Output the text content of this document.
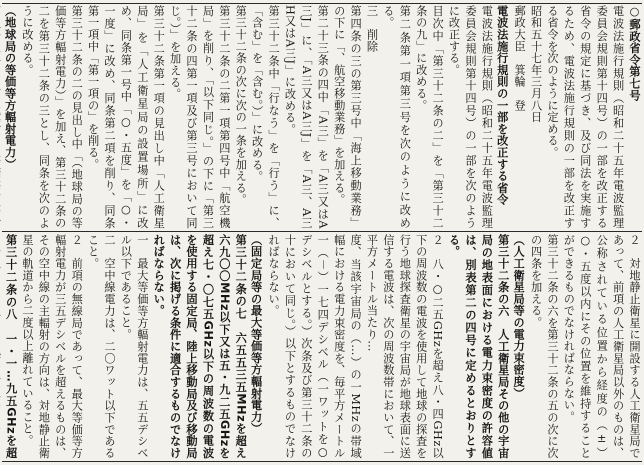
○郵政省令第七号
電波法施行規則（昭和二十五年電波監理委員会規則第十四号）の一部を改正する省令の規定に基づき、及び同法を実施するため、電波法施行規則の一部を改正する省令を次のように定める。
昭和五十七年三月八日
郵政大臣　箕輪　登
電波法施行規則の一部を改正する省令
電波法施行規則（昭和二十五年電波監理委員会規則第十四号）の一部を次のように改正する。
目次中「第三十二条の二」を「第三十二条の九」に改める。
第二条第一項第三号を次のように改める。
三　削除
第四条の三の第三号中「海上移動業務」の下に「、航空移動業務」を加える。
第二十三条の四中「A三」を「A三又はA三J」に、「A三又はA三J」を「A三、A三H又はA三J」に改める。
第三十二条中「行なう」を「行う」に、「含む」を「含む。）」に改める。
第三十二条の次に次の一条を加える。
第三十二条の二第一項第四号中「航空機局」を削り、「以下同じ。」の下に「第三十二条の四第一項及び第三号において同じ。）」を加える。
第三十二条第一項の見出し中「人工衛星局」を「人工衛星局の設置場所」に改め、同条第一号中「○・五度」を「○・一度」に改め、同条第二項を削り、同条第一項中「第一項の」を削る。
第三十二条の二の見出し中「（地球局の等価等方輻射電力）」を加え、第三十二条の二を第三十二条の三とし、同条を次のように改める。
（地球局の等価等方輻射電力）

２　対地静止衛星に開設する人工衛星局であって、前項の人工衛星局以外のものは、公称されている位置から経度の（±）○・五度以内にその位置を維持することができるものでなければならない。
第三十二条の六を第三十二条の五の次に次の四条を加える。
（人工衛星局等の電力束密度）
第三十二条の六　人工衛星局その他の宇宙局の地表面における電力束密度の許容値は、別表第二の四号に定めるとおりとする。
２　八・○二五GHzを超え八・四GHz以下の周波数の電波を使用して地球の探査を行う地球探査衛星の宇宙局が地球表面に送信する電波は、次の周波数帯において、一平方メートル当たり…
度、当該宇宙局の（…）の一MHzの帯域幅における電力束密度を、毎平方メートル一（－）一七四デシベル（一ワットを○デシベルとする。）次条及び第三十二条の十において同じ。）以下とするものでなければならない。
（固定局等の最大等価等方輻射電力）
第三十二条の七　六五五三五MHzを超え六九〇〇MHz以下又は五・九二五GHzを超え七・〇七五GHz以下の周波数の電波を使用する固定局、陸上移動局及び移動局は、次に掲げる条件に適合するものでなければならない。
一　最大等価等方輻射電力は、五五デシベル以下であること。
二　空中線電力は、二〇ワット以下であること。
２　前項の無線局であって、最大等価等方輻射電力が三五デシベルを超えるものは、その空中線の主輻射の方向は、対地静止衛星の軌道から二度以上離れていること。
第三十二条の八　一・一…九五GHzを超
